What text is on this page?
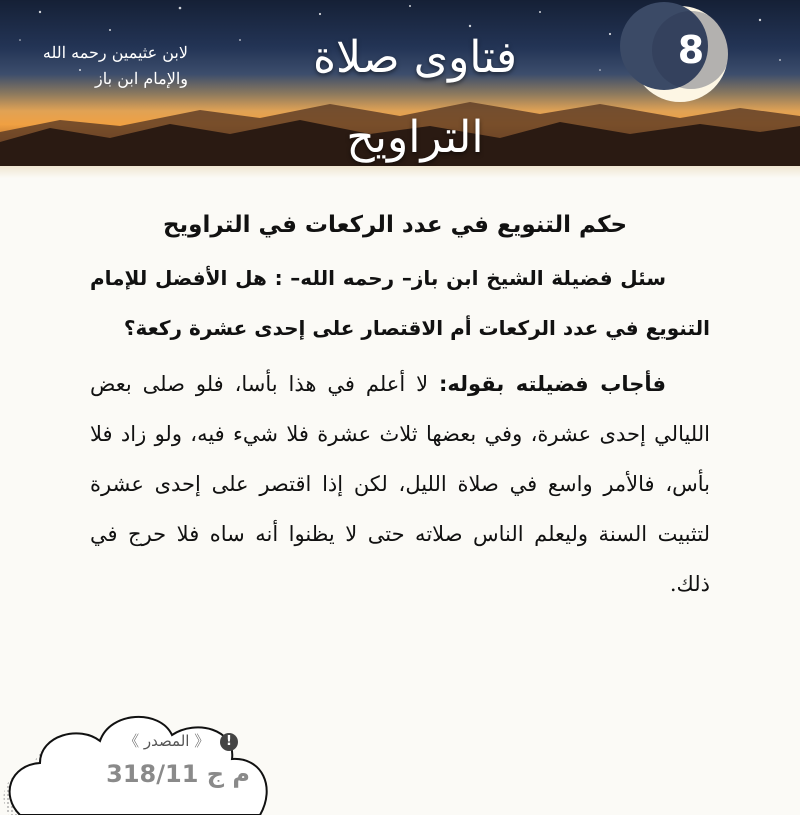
8
فتاوى صلاة التراويح
لابن عثيمين رحمه الله
والإمام ابن باز
حكم التنويع في عدد الركعات في التراويح

سئل فضيلة الشيخ ابن باز– رحمه الله– : هل الأفضل للإمام التنويع في عدد الركعات أم الاقتصار على إحدى عشرة ركعة؟

فأجاب فضيلته بقوله: لا أعلم في هذا بأسا، فلو صلى بعض الليالي إحدى عشرة، وفي بعضها ثلاث عشرة فلا شيء فيه، ولو زاد فلا بأس، فالأمر واسع في صلاة الليل، لكن إذا اقتصر على إحدى عشرة لتثبيت السنة وليعلم الناس صلاته حتى لا يظنوا أنه ساه فلا حرج في ذلك.

! 《 المصدر 》
م ج 318/11
